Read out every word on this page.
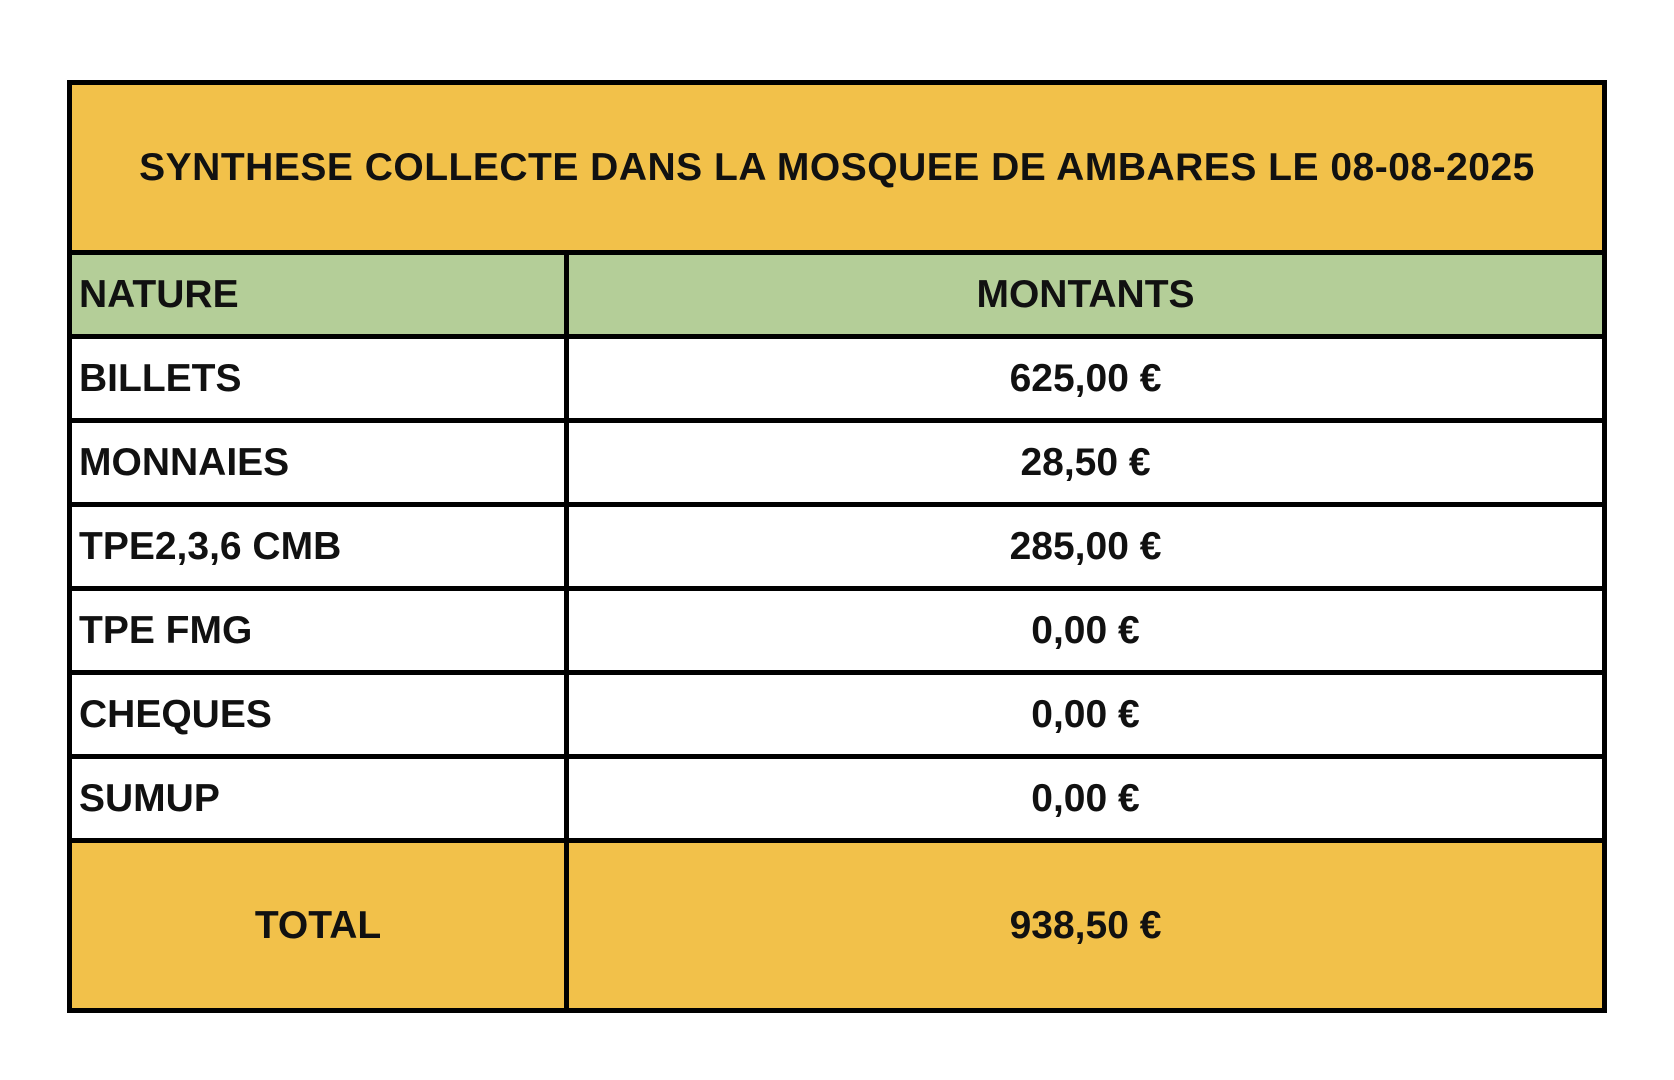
SYNTHESE COLLECTE DANS LA MOSQUEE DE AMBARES LE 08-08-2025
NATURE	MONTANTS
BILLETS	625,00 €
MONNAIES	28,50 €
TPE2,3,6 CMB	285,00 €
TPE FMG	0,00 €
CHEQUES	0,00 €
SUMUP	0,00 €
TOTAL	938,50 €
